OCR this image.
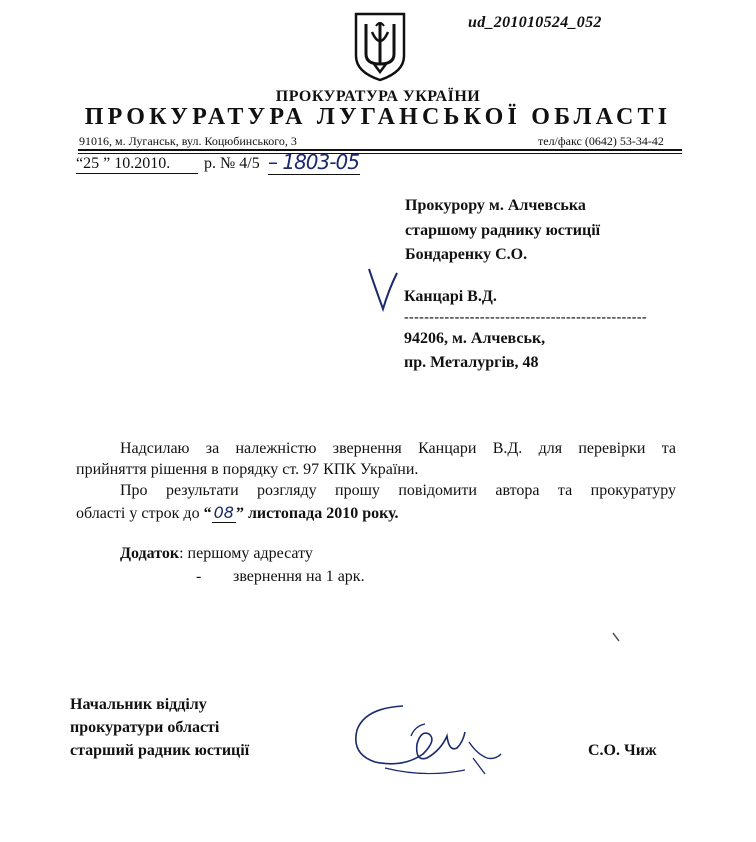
ud_201010524_052
ПРОКУРАТУРА УКРАЇНИ
ПРОКУРАТУРА ЛУГАНСЬКОЇ ОБЛАСТІ
91016, м. Луганськ, вул. Коцюбинського, 3	тел/факс (0642) 53-34-42
“25 ” 10.2010.	р. № 4/5 – 1803-05
Прокурору м. Алчевська
старшому раднику юстиції
Бондаренку С.О.
Канцарі В.Д.
------------------------------------------------
94206, м. Алчевськ,
пр. Металургів, 48
Надсилаю за належністю звернення Канцари В.Д. для перевірки та
прийняття рішення в порядку ст. 97 КПК України.
Про результати розгляду прошу повідомити автора та прокуратуру
області у строк до “ 08 ” листопада 2010 року.
Додаток: першому адресату
- звернення на 1 арк.
Начальник відділу
прокуратури області
старший радник юстиції	С.О. Чиж
